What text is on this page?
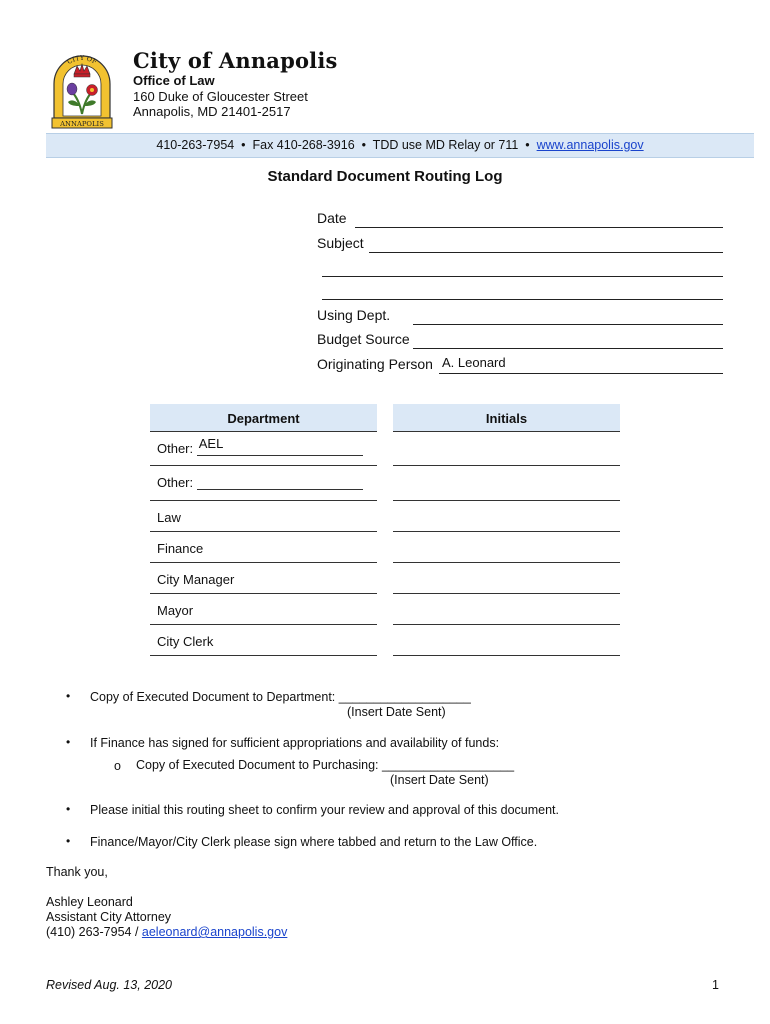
CITY OF
ANNAPOLIS
City of Annapolis
Office of Law
160 Duke of Gloucester Street
Annapolis, MD 21401-2517
410-263-7954  •  Fax 410-268-3916  •  TDD use MD Relay or 711  •  www.annapolis.gov
Standard Document Routing Log
Date
Subject
Using Dept.
Budget Source
Originating Person A. Leonard
Department	Initials
Other: AEL
Other:
Law
Finance
City Manager
Mayor
City Clerk
• Copy of Executed Document to Department: ___________________
(Insert Date Sent)
• If Finance has signed for sufficient appropriations and availability of funds:
o Copy of Executed Document to Purchasing: ___________________
(Insert Date Sent)
• Please initial this routing sheet to confirm your review and approval of this document.
• Finance/Mayor/City Clerk please sign where tabbed and return to the Law Office.
Thank you,
Ashley Leonard
Assistant City Attorney
(410) 263-7954 / aeleonard@annapolis.gov
Revised Aug. 13, 2020	1
